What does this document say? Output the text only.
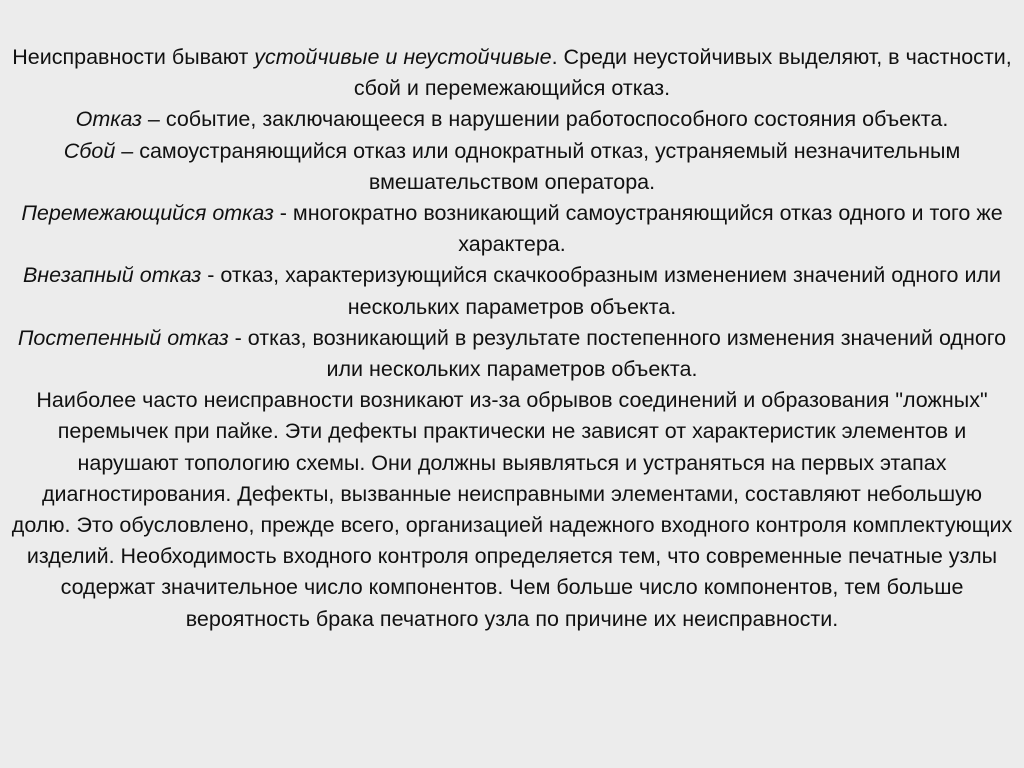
Неисправности бывают устойчивые и неустойчивые. Среди неустойчивых выделяют, в частности, сбой и перемежающийся отказ.

Отказ – событие, заключающееся в нарушении работоспособного состояния объекта.

Сбой – самоустраняющийся отказ или однократный отказ, устраняемый незначительным вмешательством оператора.

Перемежающийся отказ - многократно возникающий самоустраняющийся отказ одного и того же характера.

Внезапный отказ - отказ, характеризующийся скачкообразным изменением значений одного или нескольких параметров объекта.

Постепенный отказ - отказ, возникающий в результате постепенного изменения значений одного или нескольких параметров объекта.

Наиболее часто неисправности возникают из-за обрывов соединений и образования "ложных" перемычек при пайке. Эти дефекты практически не зависят от характеристик элементов и нарушают топологию схемы. Они должны выявляться и устраняться на первых этапах диагностирования. Дефекты, вызванные неисправными элементами, составляют небольшую долю. Это обусловлено, прежде всего, организацией надежного входного контроля комплектующих изделий. Необходимость входного контроля определяется тем, что современные печатные узлы содержат значительное число компонентов. Чем больше число компонентов, тем больше вероятность брака печатного узла по причине их неисправности.
